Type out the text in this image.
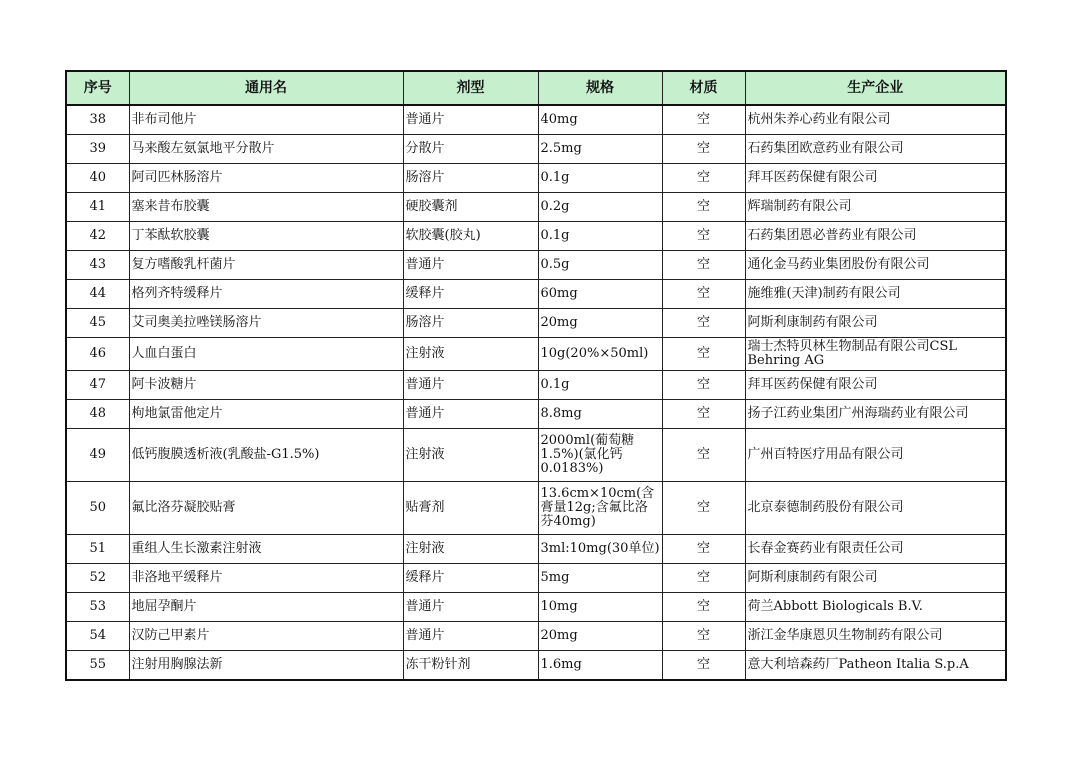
序号	通用名	剂型	规格	材质	生产企业
38	非布司他片	普通片	40mg	空	杭州朱养心药业有限公司
39	马来酸左氨氯地平分散片	分散片	2.5mg	空	石药集团欧意药业有限公司
40	阿司匹林肠溶片	肠溶片	0.1g	空	拜耳医药保健有限公司
41	塞来昔布胶囊	硬胶囊剂	0.2g	空	辉瑞制药有限公司
42	丁苯酞软胶囊	软胶囊(胶丸)	0.1g	空	石药集团恩必普药业有限公司
43	复方嗜酸乳杆菌片	普通片	0.5g	空	通化金马药业集团股份有限公司
44	格列齐特缓释片	缓释片	60mg	空	施维雅(天津)制药有限公司
45	艾司奥美拉唑镁肠溶片	肠溶片	20mg	空	阿斯利康制药有限公司
46	人血白蛋白	注射液	10g(20%×50ml)	空	瑞士杰特贝林生物制品有限公司CSL Behring AG
47	阿卡波糖片	普通片	0.1g	空	拜耳医药保健有限公司
48	枸地氯雷他定片	普通片	8.8mg	空	扬子江药业集团广州海瑞药业有限公司
49	低钙腹膜透析液(乳酸盐-G1.5%)	注射液	2000ml(葡萄糖1.5%)(氯化钙0.0183%)	空	广州百特医疗用品有限公司
50	氟比洛芬凝胶贴膏	贴膏剂	13.6cm×10cm(含膏量12g;含氟比洛芬40mg)	空	北京泰德制药股份有限公司
51	重组人生长激素注射液	注射液	3ml:10mg(30单位)	空	长春金赛药业有限责任公司
52	非洛地平缓释片	缓释片	5mg	空	阿斯利康制药有限公司
53	地屈孕酮片	普通片	10mg	空	荷兰Abbott Biologicals B.V.
54	汉防己甲素片	普通片	20mg	空	浙江金华康恩贝生物制药有限公司
55	注射用胸腺法新	冻干粉针剂	1.6mg	空	意大利培森药厂Patheon Italia S.p.A
